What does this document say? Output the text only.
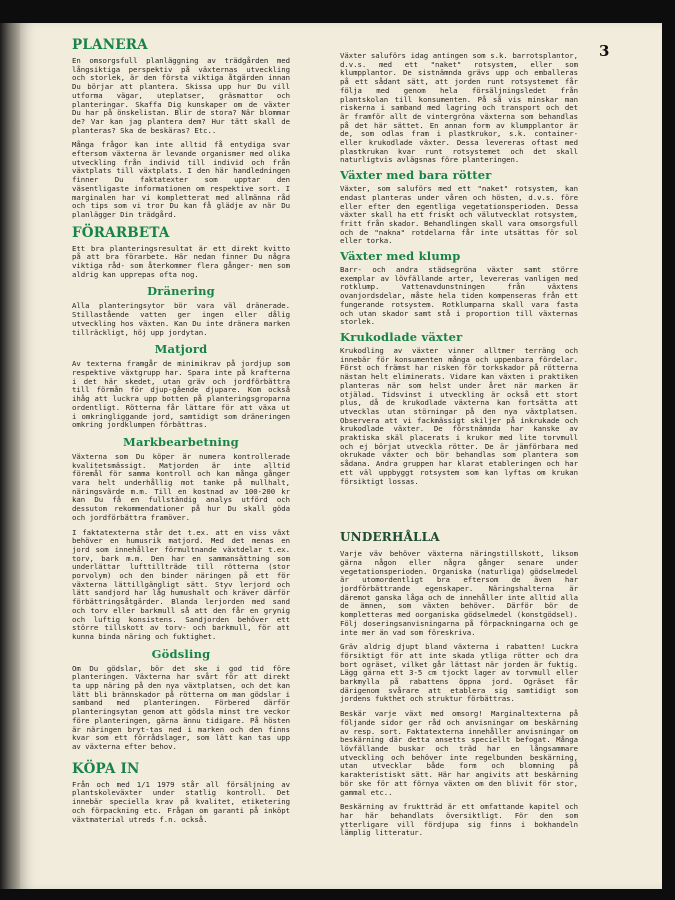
3
PLANERA

En omsorgsfull planläggning av trädgården med långsiktiga perspektiv på växternas utveckling och storlek, är den första viktiga åtgärden innan Du börjar att plantera. Skissa upp hur Du vill utforma vägar, uteplatser, gräsmattor och planteringar. Skaffa Dig kunskaper om de växter Du har på önskelistan. Blir de stora? När blommar de? Var kan jag plantera dem? Hur tätt skall de planteras? Ska de beskäras? Etc..

Många frågor kan inte alltid få entydiga svar eftersom växterna är levande organismer med olika utveckling från individ till individ och från växtplats till växtplats. I den här handledningen finner Du faktatexter som upptar den väsentligaste informationen om respektive sort. I marginalen har vi kompletterat med allmänna råd och tips som vi tror Du kan få glädje av när Du planlägger Din trädgård.

FÖRARBETA

Ett bra planteringsresultat är ett direkt kvitto på att bra förarbete. Här nedan finner Du några viktiga råd- som återkommer flera gånger- men som aldrig kan upprepas ofta nog.

Dränering

Alla planteringsytor bör vara väl dränerade. Stillastående vatten ger ingen eller dålig utveckling hos växten. Kan Du inte dränera marken tillräckligt, höj upp jordytan.

Matjord

Av texterna framgår de minimikrav på jordjup som respektive växtgrupp har. Spara inte på krafterna i det här skedet, utan gräv och jordförbättra till förmån för djup-gående djupare. Kom också ihåg att luckra upp botten på planteringsgroparna ordentligt. Rötterna får lättare för att växa ut i omkringliggande jord, samtidigt som dräneringen omkring jordklumpen förbättras.

Markbearbetning

Växterna som Du köper är numera kontrollerade kvalitetsmässigt. Matjorden är inte alltid föremål för samma kontroll och kan många gånger vara helt underhållig mot tanke på mullhalt, näringsvärde m.m. Till en kostnad av 100-200 kr kan Du få en fullständig analys utförd och dessutom rekommendationer på hur Du skall göda och jordförbättra framöver.

I faktatexterna står det t.ex. att en viss växt behöver en humusrik matjord. Med det menas en jord som innehåller förmultnande växtdelar t.ex. torv, bark m.m. Den har en sammansättning som underlättar lufttillträde till rötterna (stor porvolym) och den binder näringen på ett för växterna lättillgängligt sätt. Styv lerjord och lätt sandjord har låg humushalt och kräver därför förbättringsåtgärder. Blanda lerjorden med sand och torv eller barkmull så att den får en grynig och luftig konsistens. Sandjorden behöver ett större tillskott av torv- och barkmull, för att kunna binda näring och fuktighet.

Gödsling

Om Du gödslar, bör det ske i god tid före planteringen. Växterna har svårt för att direkt ta upp näring på den nya växtplatsen, och det kan lätt bli brännskador på rötterna om man gödslar i samband med planteringen. Förbered därför planteringsytan genom att gödsla minst tre veckor före planteringen, gärna ännu tidigare. På hösten är näringen bryt-tas ned i marken och den finns kvar som ett förrådslager, som lätt kan tas upp av växterna efter behov.

KÖPA IN

Från och med 1/1 1979 står all försäljning av plantskoleväxter under statlig kontroll. Det innebär speciella krav på kvalitet, etiketering och förpackning etc. Frågan om garanti på inköpt växtmaterial utreds f.n. också.

Växter saluförs idag antingen som s.k. barrotsplantor, d.v.s. med ett "naket" rotsystem, eller som klumpplantor. De sistnämnda grävs upp och emballeras på ett sådant sätt, att jorden runt rotsystemet får följa med genom hela försäljningsledet från plantskolan till konsumenten. På så vis minskar man riskerna i samband med lagring och transport och det är framför allt de vintergröna växterna som behandlas på det här sättet. En annan form av klumpplantor är de, som odlas fram i plastkrukor, s.k. container- eller krukodlade växter. Dessa levereras oftast med plastkrukan kvar runt rotsystemet och det skall naturligtvis avlägsnas före planteringen.

Växter med bara rötter

Växter, som saluförs med ett "naket" rotsystem, kan endast planteras under våren och hösten, d.v.s. före eller efter den egentliga vegetationsperioden. Dessa växter skall ha ett friskt och välutvecklat rotsystem, fritt från skador. Behandlingen skall vara omsorgsfull och de "nakna" rotdelarna får inte utsättas för sol eller torka.

Växter med klump

Barr- och andra städsegröna växter samt större exemplar av lövfällande arter, levereras vanligen med rotklump. Vattenavdunstningen från växtens ovanjordsdelar, måste hela tiden kompenseras från ett fungerande rotsystem. Rotklumparna skall vara fasta och utan skador samt stå i proportion till växternas storlek.

Krukodlade växter

Krukodling av växter vinner alltmer terräng och innebär för konsumenten många och uppenbara fördelar. Först och främst har risken för torkskador på rötterna nästan helt eliminerats. Vidare kan växten i praktiken planteras när som helst under året när marken är otjälad. Tidsvinst i utveckling är också ett stort plus, då de krukodlade växterna kan fortsätta att utvecklas utan störningar på den nya växtplatsen. Observera att vi fackmässigt skiljer på inkrukade och krukodlade växter. De förstnämnda har kanske av praktiska skäl placerats i krukor med lite torvmull och ej börjat utveckla rötter. De är jämförbara med okrukade växter och bör behandlas som plantera som sådana. Andra gruppen har klarat etableringen och har ett väl uppbyggt rotsystem som kan lyftas om krukan försiktigt lossas.

UNDERHÅLLA

Varje väv behöver växterna näringstillskott, liksom gärna någon eller några gånger senare under vegetationsperioden. Organiska (naturliga) gödselmedel är utomordentligt bra eftersom de även har jordförbättrande egenskaper. Näringshalterna är däremot ganska låga och de innehåller inte alltid alla de ämnen, som växten behöver. Därför bör de kompletteras med oorganiska gödselmedel (konstgödsel). Följ doseringsanvisningarna på förpackningarna och ge inte mer än vad som föreskriva.

Gräv aldrig djupt bland växterna i rabatten! Luckra försiktigt för att inte skada ytliga rötter och dra bort ogräset, vilket går lättast när jorden är fuktig. Lägg gärna ett 3-5 cm tjockt lager av torvmull eller barkmylla på rabattens öppna jord. Ogräset får därigenom svårare att etablera sig samtidigt som jordens fukthet och struktur förbättras.

Beskär varje växt med omsorg! Marginaltexterna på följande sidor ger råd och anvisningar om beskärning av resp. sort. Faktatexterna innehåller anvisningar om beskärning där detta ansetts speciellt befogat. Många lövfällande buskar och träd har en långsammare utveckling och behöver inte regelbunden beskärning, utan utvecklar både form och blomning på karakteristiskt sätt. Här har angivits att beskärning bör ske för att förnya växten om den blivit för stor, gammal etc..

Beskärning av fruktträd är ett omfattande kapitel och har här behandlats översiktligt. För den som ytterligare vill fördjupa sig finns i bokhandeln lämplig litteratur.
